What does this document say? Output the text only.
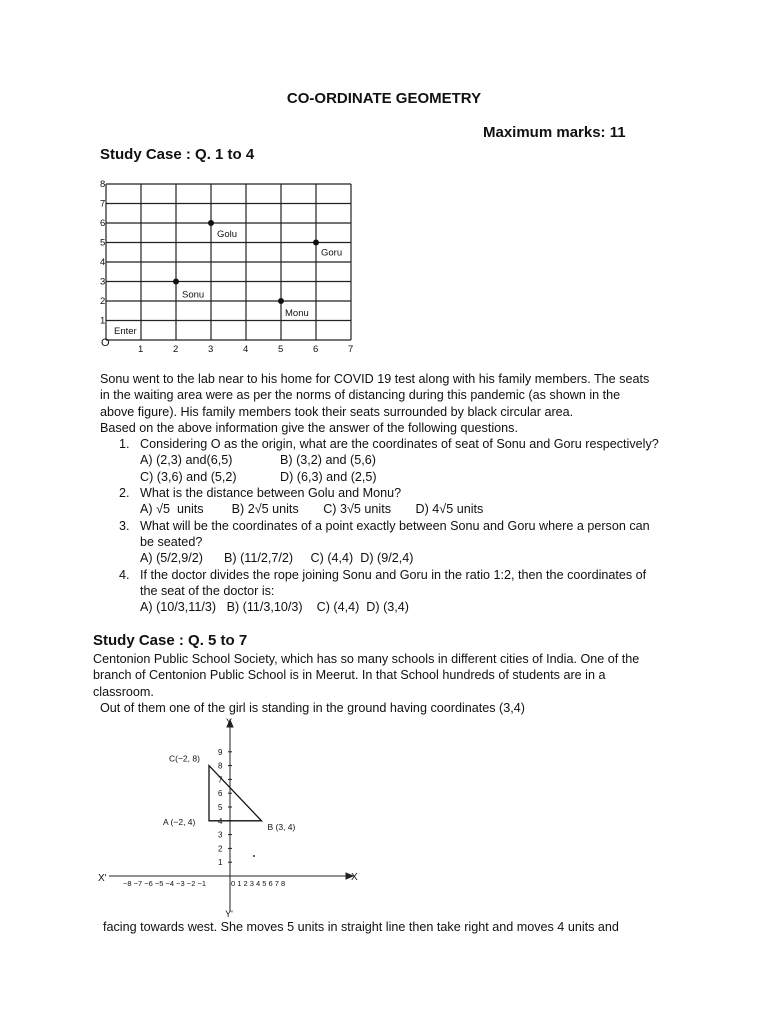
CO-ORDINATE GEOMETRY
Maximum marks: 11
Study Case : Q. 1 to 4
8
7
6
5
4
3
2
1
1	2	3	4	5	6	7
O
Golu
Goru
Sonu
Monu
Enter

Sonu went to the lab near to his home for COVID 19 test along with his family members. The seats

in the waiting area were as per the norms of distancing during this pandemic (as shown in the

above figure). His family members took their seats surrounded by black circular area.

Based on the above information give the answer of the following questions.

1. Considering O as the origin, what are the coordinates of seat of Sonu and Goru respectively?
A) (2,3) and(6,5)	B) (3,2) and (5,6)
C) (3,6) and (5,2)	D) (6,3) and (2,5)
2. What is the distance between Golu and Monu?
A) √5  units        B) 2√5 units       C) 3√5 units       D) 4√5 units
3. What will be the coordinates of a point exactly between Sonu and Goru where a person can
be seated?
A) (5/2,9/2)      B) (11/2,7/2)     C) (4,4)  D) (9/2,4)
4. If the doctor divides the rope joining Sonu and Goru in the ratio 1:2, then the coordinates of
the seat of the doctor is:
A) (10/3,11/3)   B) (11/3,10/3)    C) (4,4)  D) (3,4)
Study Case : Q. 5 to 7

Centonion Public School Society, which has so many schools in different cities of India. One of the

branch of Centonion Public School is in Meerut. In that School hundreds of students are in a

classroom.

Out of them one of the girl is standing in the ground having coordinates (3,4)

Y
Y'
X'	X
−8 −7 −6 −5 −4 −3 −2 −1	0 1 2 3 4 5 6 7 8
9
8
7
6
5
4
3
2
1
C(−2, 8)
A (−2, 4)	B (3, 4)
facing towards west. She moves 5 units in straight line then take right and moves 4 units and
